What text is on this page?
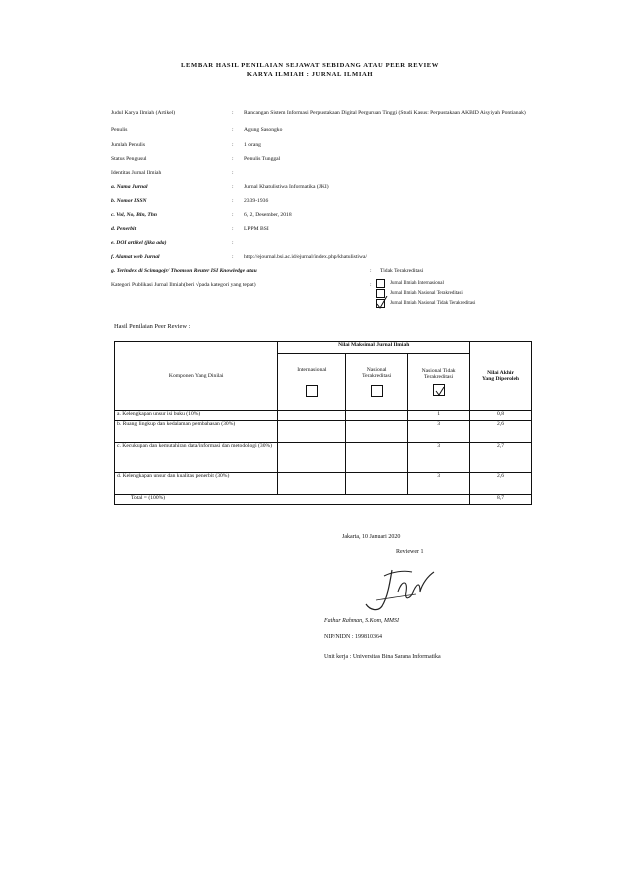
LEMBAR HASIL PENILAIAN SEJAWAT SEBIDANG ATAU PEER REVIEW
KARYA ILMIAH : JURNAL ILMIAH
Judul Karya Ilmiah (Artikel)	: Rancangan Sistem Informasi Perpustakaan Digital Perguruan Tinggi (Studi Kasus: Perpustakaan AKBID Aisyiyah Pontianak)
Penulis	: Agung Sasongko
Jumlah Penulis	: 1 orang
Status Pengusul	: Penulis Tunggal
Identitas Jurnal Ilmiah	:
a. Nama Jurnal	: Jurnal Khatulistiwa Informatika (JKI)
b. Nomor ISSN	: 2339-1936
c. Vol, No, Bln, Thn	: 6, 2, Desember, 2018
d. Penerbit	: LPPM BSI
e. DOI artikel (jika ada)	:
f. Alamat web Jurnal	: http://ejournal.bsi.ac.id/ejurnal/index.php/khatulistiwa/
g. Terindex di Scimagojr/ Thomson Reuter ISI Knowledge atau	: Tidak Terakreditasi
Kategori Publikasi Jurnal Ilmiah(beri √pada kategori yang tepat)	:	Jurnal Ilmiah Internasional
Jurnal Ilmiah Nasional Terakreditasi
Jurnal Ilmiah Nasional Tidak Terakreditasi
Hasil Penilaian Peer Review :
Komponen Yang Dinilai	Nilai Maksimal Jurnal Ilmiah			Nilai Akhir Yang Diperoleh

	Internasional	Nasional Terakreditasi	Nasional Tidak Terakreditasi	

a. Kelengkapan unsur isi buku (10%)			1	0,8
b. Ruang lingkup dan kedalaman pembahasan (30%)			3	2,6
c. Kecukupan dan kemutahiran data/informasi dan metodologi (30%)			3	2,7
d. Kelengkapan unsur dan kualitas penerbit (30%)			3	2,6
Total = (100%)				8,7
Jakarta, 10 Januari 2020
Reviewer 1
Fathur Rahman, S.Kom, MMSI
NIP/NIDN : 199810364
Unit kerja : Universitas Bina Sarana Informatika
